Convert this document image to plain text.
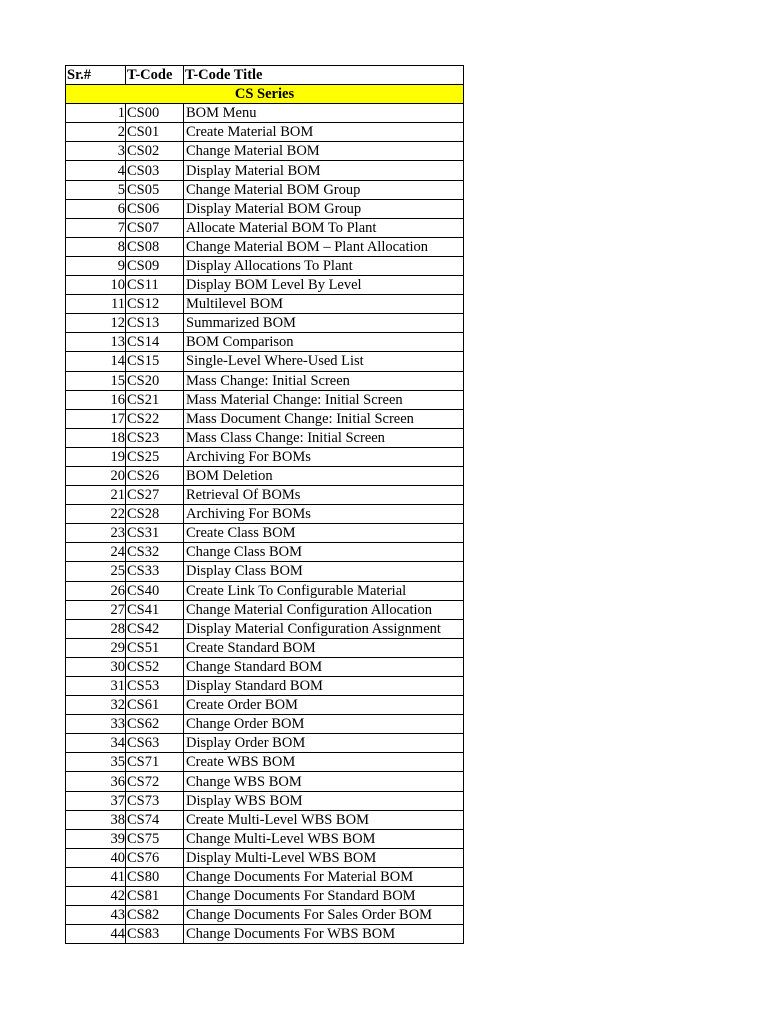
Sr.#	T-Code	T-Code Title
CS Series		
1	CS00	BOM Menu
2	CS01	Create Material BOM
3	CS02	Change Material BOM
4	CS03	Display Material BOM
5	CS05	Change Material BOM Group
6	CS06	Display Material BOM Group
7	CS07	Allocate Material BOM To Plant
8	CS08	Change Material BOM – Plant Allocation
9	CS09	Display Allocations To Plant
10	CS11	Display BOM Level By Level
11	CS12	Multilevel BOM
12	CS13	Summarized BOM
13	CS14	BOM Comparison
14	CS15	Single-Level Where-Used List
15	CS20	Mass Change: Initial Screen
16	CS21	Mass Material Change: Initial Screen
17	CS22	Mass Document Change: Initial Screen
18	CS23	Mass Class Change: Initial Screen
19	CS25	Archiving For BOMs
20	CS26	BOM Deletion
21	CS27	Retrieval Of BOMs
22	CS28	Archiving For BOMs
23	CS31	Create Class BOM
24	CS32	Change Class BOM
25	CS33	Display Class BOM
26	CS40	Create Link To Configurable Material
27	CS41	Change Material Configuration Allocation
28	CS42	Display Material Configuration Assignment
29	CS51	Create Standard BOM
30	CS52	Change Standard BOM
31	CS53	Display Standard BOM
32	CS61	Create Order BOM
33	CS62	Change Order BOM
34	CS63	Display Order BOM
35	CS71	Create WBS BOM
36	CS72	Change WBS BOM
37	CS73	Display WBS BOM
38	CS74	Create Multi-Level WBS BOM
39	CS75	Change Multi-Level WBS BOM
40	CS76	Display Multi-Level WBS BOM
41	CS80	Change Documents For Material BOM
42	CS81	Change Documents For Standard BOM
43	CS82	Change Documents For Sales Order BOM
44	CS83	Change Documents For WBS BOM
